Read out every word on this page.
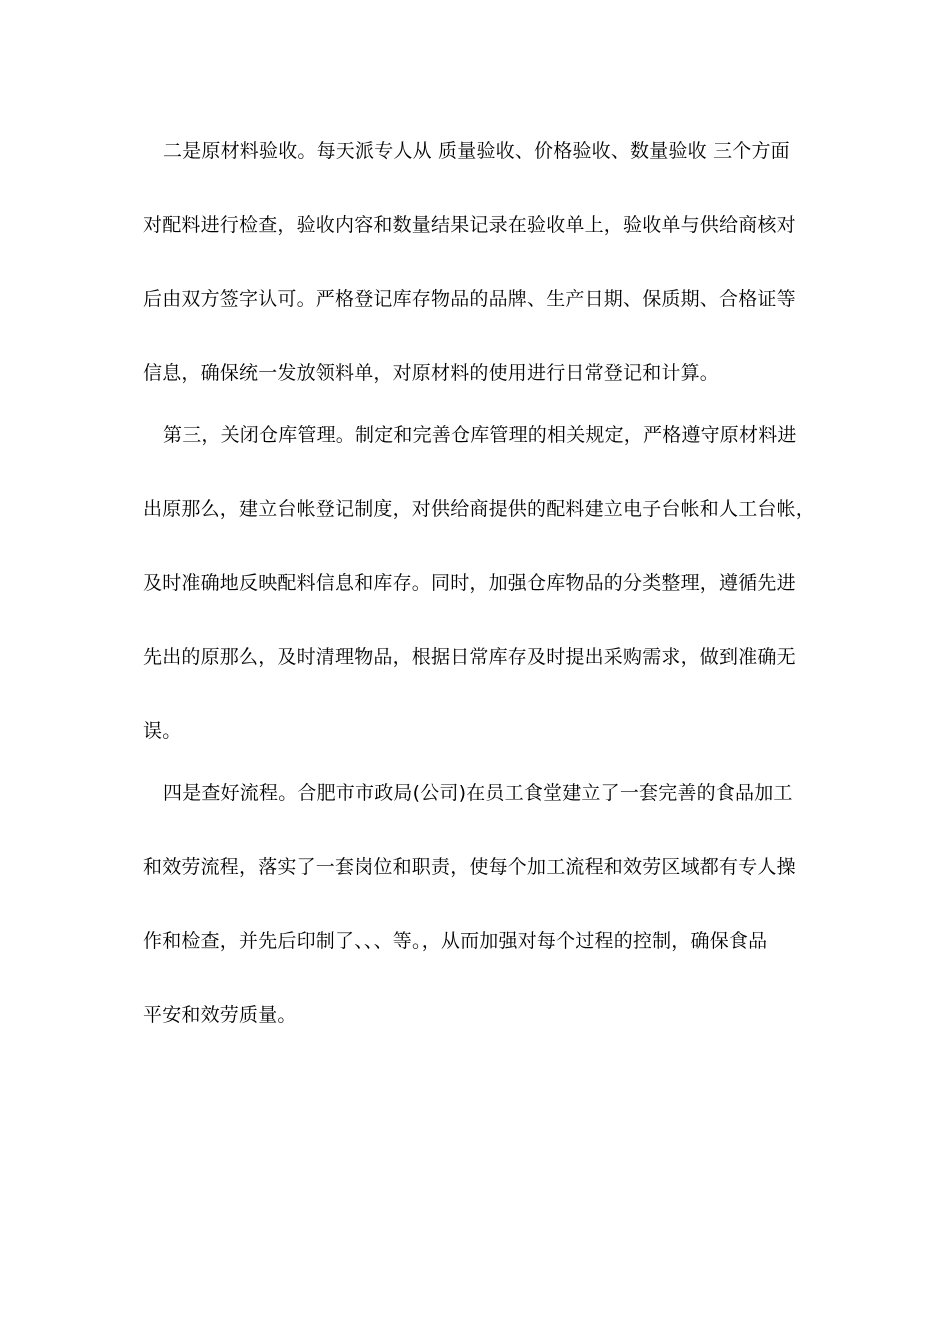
二是原材料验收。每天派专人从 质量验收、价格验收、数量验收 三个方面
对配料进行检查，验收内容和数量结果记录在验收单上，验收单与供给商核对
后由双方签字认可。严格登记库存物品的品牌、生产日期、保质期、合格证等
信息，确保统一发放领料单，对原材料的使用进行日常登记和计算。
第三，关闭仓库管理。制定和完善仓库管理的相关规定，严格遵守原材料进
出原那么，建立台帐登记制度，对供给商提供的配料建立电子台帐和人工台帐，
及时准确地反映配料信息和库存。同时，加强仓库物品的分类整理，遵循先进
先出的原那么，及时清理物品，根据日常库存及时提出采购需求，做到准确无
误。
四是查好流程。合肥市市政局(公司)在员工食堂建立了一套完善的食品加工
和效劳流程，落实了一套岗位和职责，使每个加工流程和效劳区域都有专人操
作和检查，并先后印制了、、、等。，从而加强对每个过程的控制，确保食品
平安和效劳质量。
